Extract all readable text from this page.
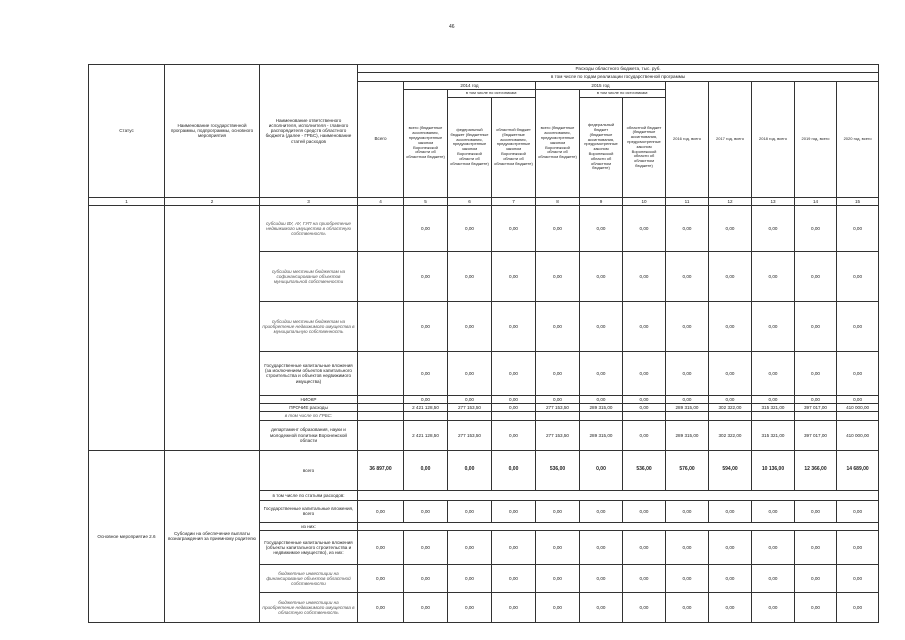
46
Статус	Наименование государственной программы, подпрограммы, основного мероприятия	Наименование ответственного исполнителя, исполнителя - главного распорядителя средств областного бюджета (далее - ГРБС), наименование статей расходов	Расходы областного бюджета, тыс. руб.											
			в том числе по годам реализации государственной программы											
			Всего	2014 год			2015 год			2016 год, всего	2017 год, всего	2018 год, всего	2019 год, всего	2020 год, всего
				всего (бюджетные ассигнования, предусмотренные законом Воронежской области об областном бюджете)	в том числе по источникам:		всего (бюджетные ассигнования, предусмотренные законом Воронежской области об областном бюджете)	в том числе по источникам:						
					федеральный бюджет (бюджетные ассигнования, предусмотренные законом Воронежской области об областном бюджете)	областной бюджет (бюджетные ассигнования, предусмотренные законом Воронежской области об областном бюджете)		федеральный бюджет (бюджетные ассигнования, предусмотренные законом Воронежской области об областном бюджете)	областной бюджет (бюджетные ассигнования, предусмотренные законом Воронежской области об областном бюджете)					
1	2	3	4	5	6	7	8	9	10	11	12	13	14	15
		субсидии ВУ, АУ, ГУП на приобретение недвижимого имущества в областную собственность		0,00	0,00	0,00	0,00	0,00	0,00	0,00	0,00	0,00	0,00	0,00
		субсидии местным бюджетам на софинансирование объектов муниципальной собственности		0,00	0,00	0,00	0,00	0,00	0,00	0,00	0,00	0,00	0,00	0,00
		субсидии местным бюджетам на приобретение недвижимого имущества в муниципальную собственность		0,00	0,00	0,00	0,00	0,00	0,00	0,00	0,00	0,00	0,00	0,00
		Государственные капитальные вложения (за исключением объектов капитального строительства и объектов недвижимого имущества)		0,00	0,00	0,00	0,00	0,00	0,00	0,00	0,00	0,00	0,00	0,00
		НИОКР		0,00	0,00	0,00	0,00	0,00	0,00	0,00	0,00	0,00	0,00	0,00
		ПРОЧИЕ расходы		2 421 128,50	277 153,50	0,00	277 153,50	289 315,00	0,00	289 315,00	302 322,00	315 321,00	397 017,00	410 000,00
		в том числе по ГРБС:												
		департамент образования, науки и молодежной политики Воронежской области		2 421 128,50	277 153,50	0,00	277 153,50	289 315,00	0,00	289 315,00	302 322,00	315 321,00	397 017,00	410 000,00
Основное мероприятие 2.6	Субсидии на обеспечение выплаты вознаграждения за приемному родителю	всего	36 897,00	0,00	0,00	0,00	536,00	0,00	536,00	576,00	594,00	10 136,00	12 366,00	14 689,00
		в том числе по статьям расходов:												
		Государственные капитальные вложения, всего	0,00	0,00	0,00	0,00	0,00	0,00	0,00	0,00	0,00	0,00	0,00	0,00
		из них:												
		Государственные капитальные вложения (объекты капитального строительства и недвижимое имущество), из них:	0,00	0,00	0,00	0,00	0,00	0,00	0,00	0,00	0,00	0,00	0,00	0,00
		бюджетные инвестиции на финансирование объектов областной собственности	0,00	0,00	0,00	0,00	0,00	0,00	0,00	0,00	0,00	0,00	0,00	0,00
		бюджетные инвестиции на приобретение недвижимого имущества в областную собственность	0,00	0,00	0,00	0,00	0,00	0,00	0,00	0,00	0,00	0,00	0,00	0,00
